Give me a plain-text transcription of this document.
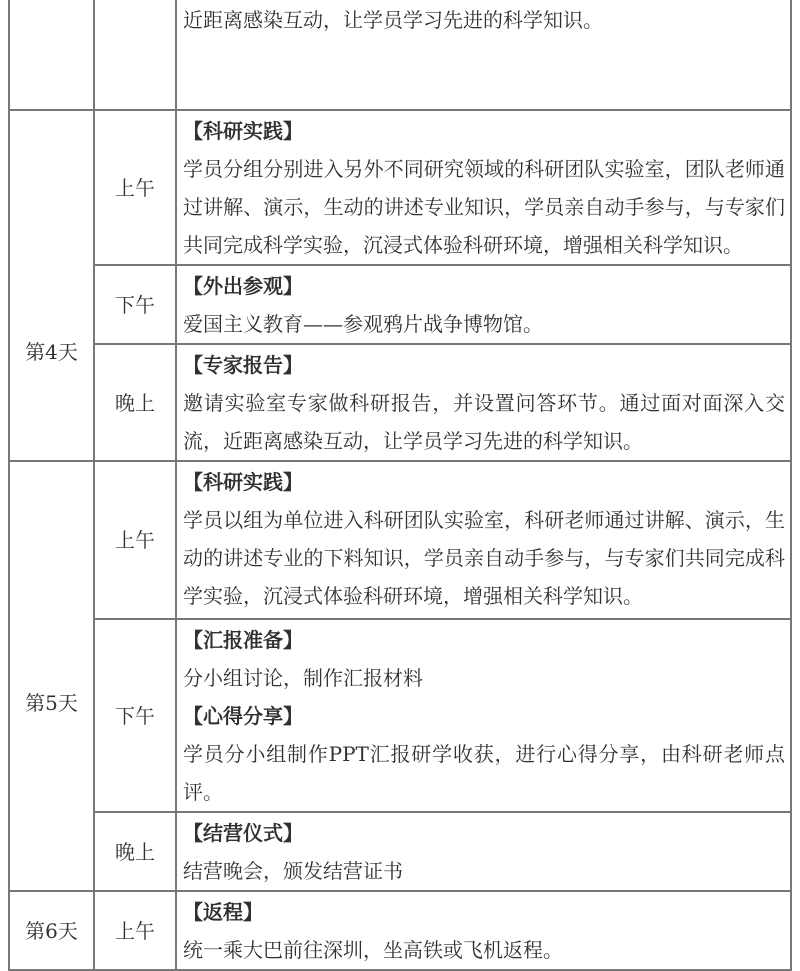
		近距离感染互动，让学员学习先进的科学知识。

第4天	上午	【科研实践】
学员分组分别进入另外不同研究领域的科研团队实验室，团队老师通过讲解、演示，生动的讲述专业知识，学员亲自动手参与，与专家们共同完成科学实验，沉浸式体验科研环境，增强相关科学知识。

	下午	【外出参观】
爱国主义教育——参观鸦片战争博物馆。

	晚上	【专家报告】
邀请实验室专家做科研报告，并设置问答环节。通过面对面深入交流，近距离感染互动，让学员学习先进的科学知识。

第5天	上午	【科研实践】
学员以组为单位进入科研团队实验室，科研老师通过讲解、演示，生动的讲述专业的下料知识，学员亲自动手参与，与专家们共同完成科学实验，沉浸式体验科研环境，增强相关科学知识。

	下午	【汇报准备】
分小组讨论，制作汇报材料
【心得分享】
学员分小组制作PPT汇报研学收获，进行心得分享，由科研老师点评。

	晚上	【结营仪式】
结营晚会，颁发结营证书

第6天	上午	【返程】
统一乘大巴前往深圳，坐高铁或飞机返程。
